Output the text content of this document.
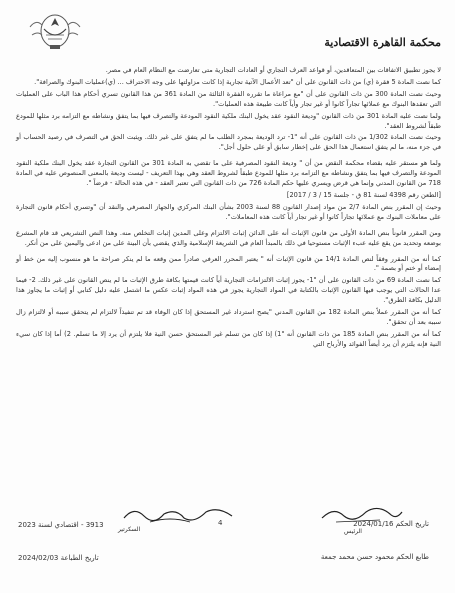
محكمة القاهرة الاقتصادية

لا يجوز تطبيق الاتفاقات بين المتعاقدين، أو قواعد العرف التجاري أو العادات التجارية متى تعارضت مع النظام العام في مصر.

كما نصت المادة 5 فقرة (ي) من ذات القانون على أن "تعد الأعمال الآتية تجارية إذا كانت مزاولتها على وجه الاحتراف ... (ي)عمليات البنوك والصرافة".

وحيث نصت المادة 300 من ذات القانون على أن "مع مراعاة ما تقرره الفقرة الثالثة من المادة 361 من هذا القانون تسري أحكام هذا الباب على العمليات التي تعقدها البنوك مع عملائها تجاراً كانوا أو غير تجار وأياً كانت طبيعة هذه العمليات".

ولما نصت عليه المادة 301 من ذات القانون "وديعة النقود عقد يخول البنك ملكية النقود المودعة والتصرف فيها بما يتفق ونشاطه مع التزامه برد مثلها للمودع طبقاً لشروط العقد".

وحيث نصت المادة 1/302 من ذات القانون على أنه "1- ترد الوديعة بمجرد الطلب ما لم يتفق على غير ذلك. ويثبت الحق في التصرف في رصيد الحساب أو في جزء منه، ما لم يتفق استعمال هذا الحق على إخطار سابق أو على حلول أجل".

ولما هو مستقر عليه بقضاء محكمة النقض من أن " وديعة النقود المصرفية على ما تقضي به المادة 301 من القانون التجارة عقد يخول البنك ملكية النقود المودعة والتصرف فيها بما يتفق ونشاطه مع التزامه برد مثلها للمودع طبقاً لشروط العقد وهي بهذا التعريف - ليست وديعة بالمعنى المنصوص عليه في المادة 718 من القانون المدني وإنما هي قرض ويسري عليها حكم المادة 726 من ذات القانون التي تعتبر العقد - في هذه الحالة - قرضاً ".

[الطعن رقم 4398 لسنة 81 ق - جلسة 15 / 3 / 2017]

وحيث إن المقرر بنص المادة 2/7 من مواد إصدار القانون 88 لسنة 2003 بشأن البنك المركزي والجهاز المصرفي والنقد أن "وتسري أحكام قانون التجارة على معاملات البنوك مع عملائها تجاراً كانوا أو غير تجار أياً كانت هذه المعاملات".

ومن المقرر قانوناً بنص المادة الأولى من قانون الإثبات أنه على الدائن إثبات الالتزام وعلى المدين إثبات التخلص منه. وهذا النص التشريعي قد قام المشرع بوضعه وتحديد من يقع عليه عبء الإثبات مستوحيا في ذلك بالمبدأ العام في الشريعة الإسلامية والذي يقضي بأن البينة على من ادعى واليمين على من أنكر.

كما أنه من المقرر وفقاً لنص المادة 14/1 من قانون الإثبات أنه " يعتبر المحرر العرفي صادراً ممن وقعه ما لم ينكر صراحة ما هو منسوب إليه من خط أو إمضاء أو ختم أو بصمة ".

كما نصت المادة 69 من ذات القانون على أن "1- يجوز إثبات الالتزامات التجارية أياً كانت قيمتها بكافة طرق الإثبات ما لم ينص القانون على غير ذلك. 2- فيما عدا الحالات التي يوجب فيها القانون الإثبات بالكتابة في المواد التجارية يجوز في هذه المواد إثبات عكس ما اشتمل عليه دليل كتابي أو إثبات ما يجاوز هذا الدليل بكافة الطرق".

كما أنه من المقرر عملاً بنص المادة 182 من القانون المدني "يصح استرداد غير المستحق إذا كان الوفاء قد تم تنفيذاً لالتزام لم يتحقق سببه أو لالتزام زال سببه بعد أن تحقق".

كما أنه من المقرر بنص المادة 185 من ذات القانون أنه "1) إذا كان من تسلم غير المستحق حسن النية فلا يلتزم أن يرد إلا ما تسلم. 2) أما إذا كان سيء النية فإنه يلتزم أن يرد أيضاً الفوائد والأرباح التي

السكرتير	الرئيس
تاريخ الحكم 2024/01/16
4
3913 - اقتصادي لسنة 2023
طابع الحكم محمود حسن محمد جمعة
تاريخ الطباعة 2024/02/03
